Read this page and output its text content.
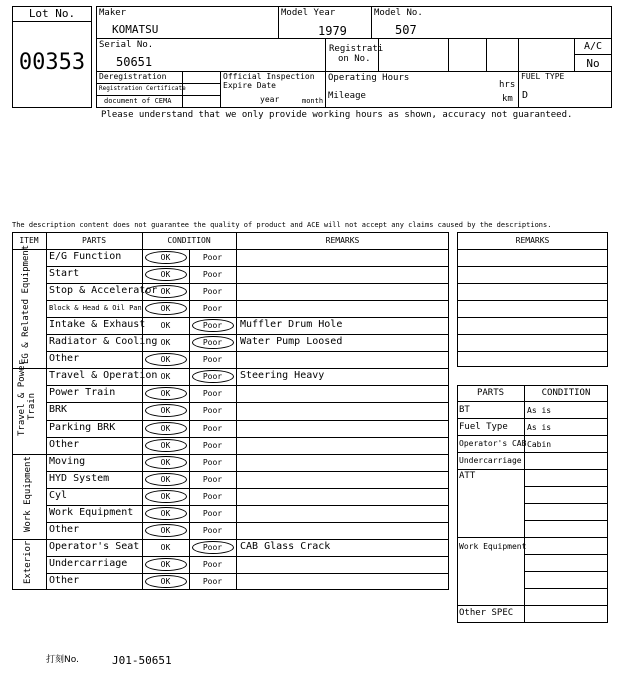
Lot No.
00353
Maker
KOMATSU
Model Year
1979
Model No.
507
Serial No.
50651
Registrati
on No.
A/C
No
Deregistration
Registration Certificate
document of CEMA
Official Inspection
Expire Date
year	month
Operating Hours
hrs
Mileage	km
FUEL TYPE
D
Please understand that we only provide working hours as shown, accuracy not guaranteed.
The description content does not guarantee the quality of product and ACE will not accept any claims caused by the descriptions.
ITEM	PARTS	CONDITION	REMARKS
EG & Related Equipment
Travel & Power Train
Work Equipment
Exterior
E/G Function	OK	Poor
Start	OK	Poor
Stop & Accelerator OK	Poor
Block & Head & Oil Pan	OK	Poor
Intake & Exhaust	OK	Poor	Muffler Drum Hole
Radiator & Cooling OK	Poor	Water Pump Loosed
Other	OK	Poor
Travel & Operation OK	Poor	Steering Heavy
Power Train	OK	Poor
BRK	OK	Poor
Parking BRK	OK	Poor
Other	OK	Poor
Moving	OK	Poor
HYD System	OK	Poor
Cyl	OK	Poor
Work Equipment	OK	Poor
Other	OK	Poor
Operator's Seat	OK	Poor	CAB Glass Crack
Undercarriage	OK	Poor
Other	OK	Poor
REMARKS
PARTS	CONDITION
BT	As is
Fuel Type As is
Operator's CAB Cabin
Undercarriage
ATT
Work Equipment
Other SPEC
打刻No.	J01-50651
